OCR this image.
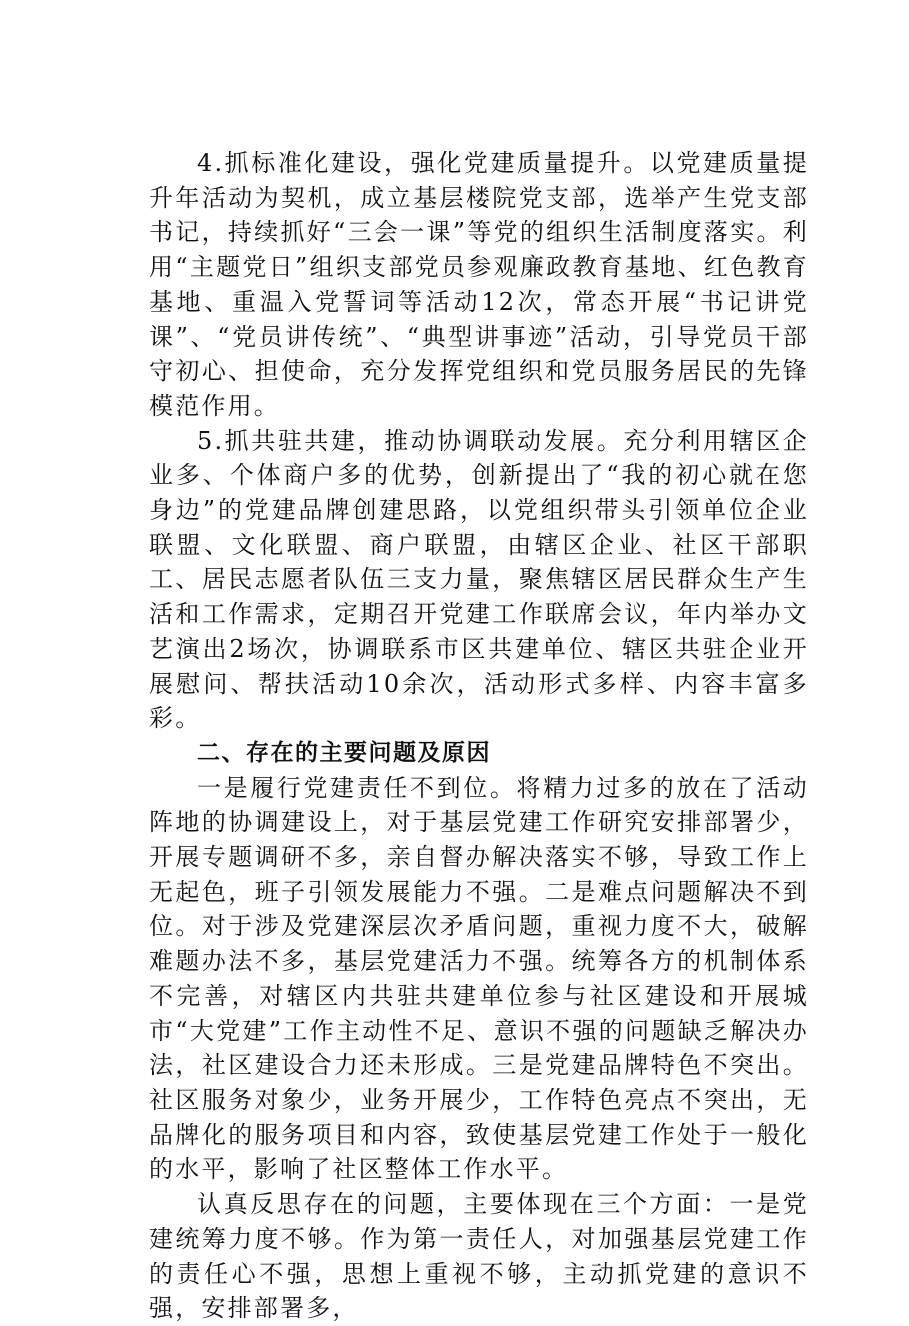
4.抓标准化建设，强化党建质量提升。以党建质量提升年活动为契机，成立基层楼院党支部，选举产生党支部书记，持续抓好“三会一课”等党的组织生活制度落实。利用“主题党日”组织支部党员参观廉政教育基地、红色教育基地、重温入党誓词等活动12次，常态开展“书记讲党课”、“党员讲传统”、“典型讲事迹”活动，引导党员干部守初心、担使命，充分发挥党组织和党员服务居民的先锋模范作用。

5.抓共驻共建，推动协调联动发展。充分利用辖区企业多、个体商户多的优势，创新提出了“我的初心就在您身边”的党建品牌创建思路，以党组织带头引领单位企业联盟、文化联盟、商户联盟，由辖区企业、社区干部职工、居民志愿者队伍三支力量，聚焦辖区居民群众生产生活和工作需求，定期召开党建工作联席会议，年内举办文艺演出2场次，协调联系市区共建单位、辖区共驻企业开展慰问、帮扶活动10余次，活动形式多样、内容丰富多彩。

二、存在的主要问题及原因

一是履行党建责任不到位。将精力过多的放在了活动阵地的协调建设上，对于基层党建工作研究安排部署少，开展专题调研不多，亲自督办解决落实不够，导致工作上无起色，班子引领发展能力不强。二是难点问题解决不到位。对于涉及党建深层次矛盾问题，重视力度不大，破解难题办法不多，基层党建活力不强。统筹各方的机制体系不完善，对辖区内共驻共建单位参与社区建设和开展城市“大党建”工作主动性不足、意识不强的问题缺乏解决办法，社区建设合力还未形成。三是党建品牌特色不突出。社区服务对象少，业务开展少，工作特色亮点不突出，无品牌化的服务项目和内容，致使基层党建工作处于一般化的水平，影响了社区整体工作水平。

认真反思存在的问题，主要体现在三个方面：一是党建统筹力度不够。作为第一责任人，对加强基层党建工作的责任心不强，思想上重视不够，主动抓党建的意识不强，安排部署多，
